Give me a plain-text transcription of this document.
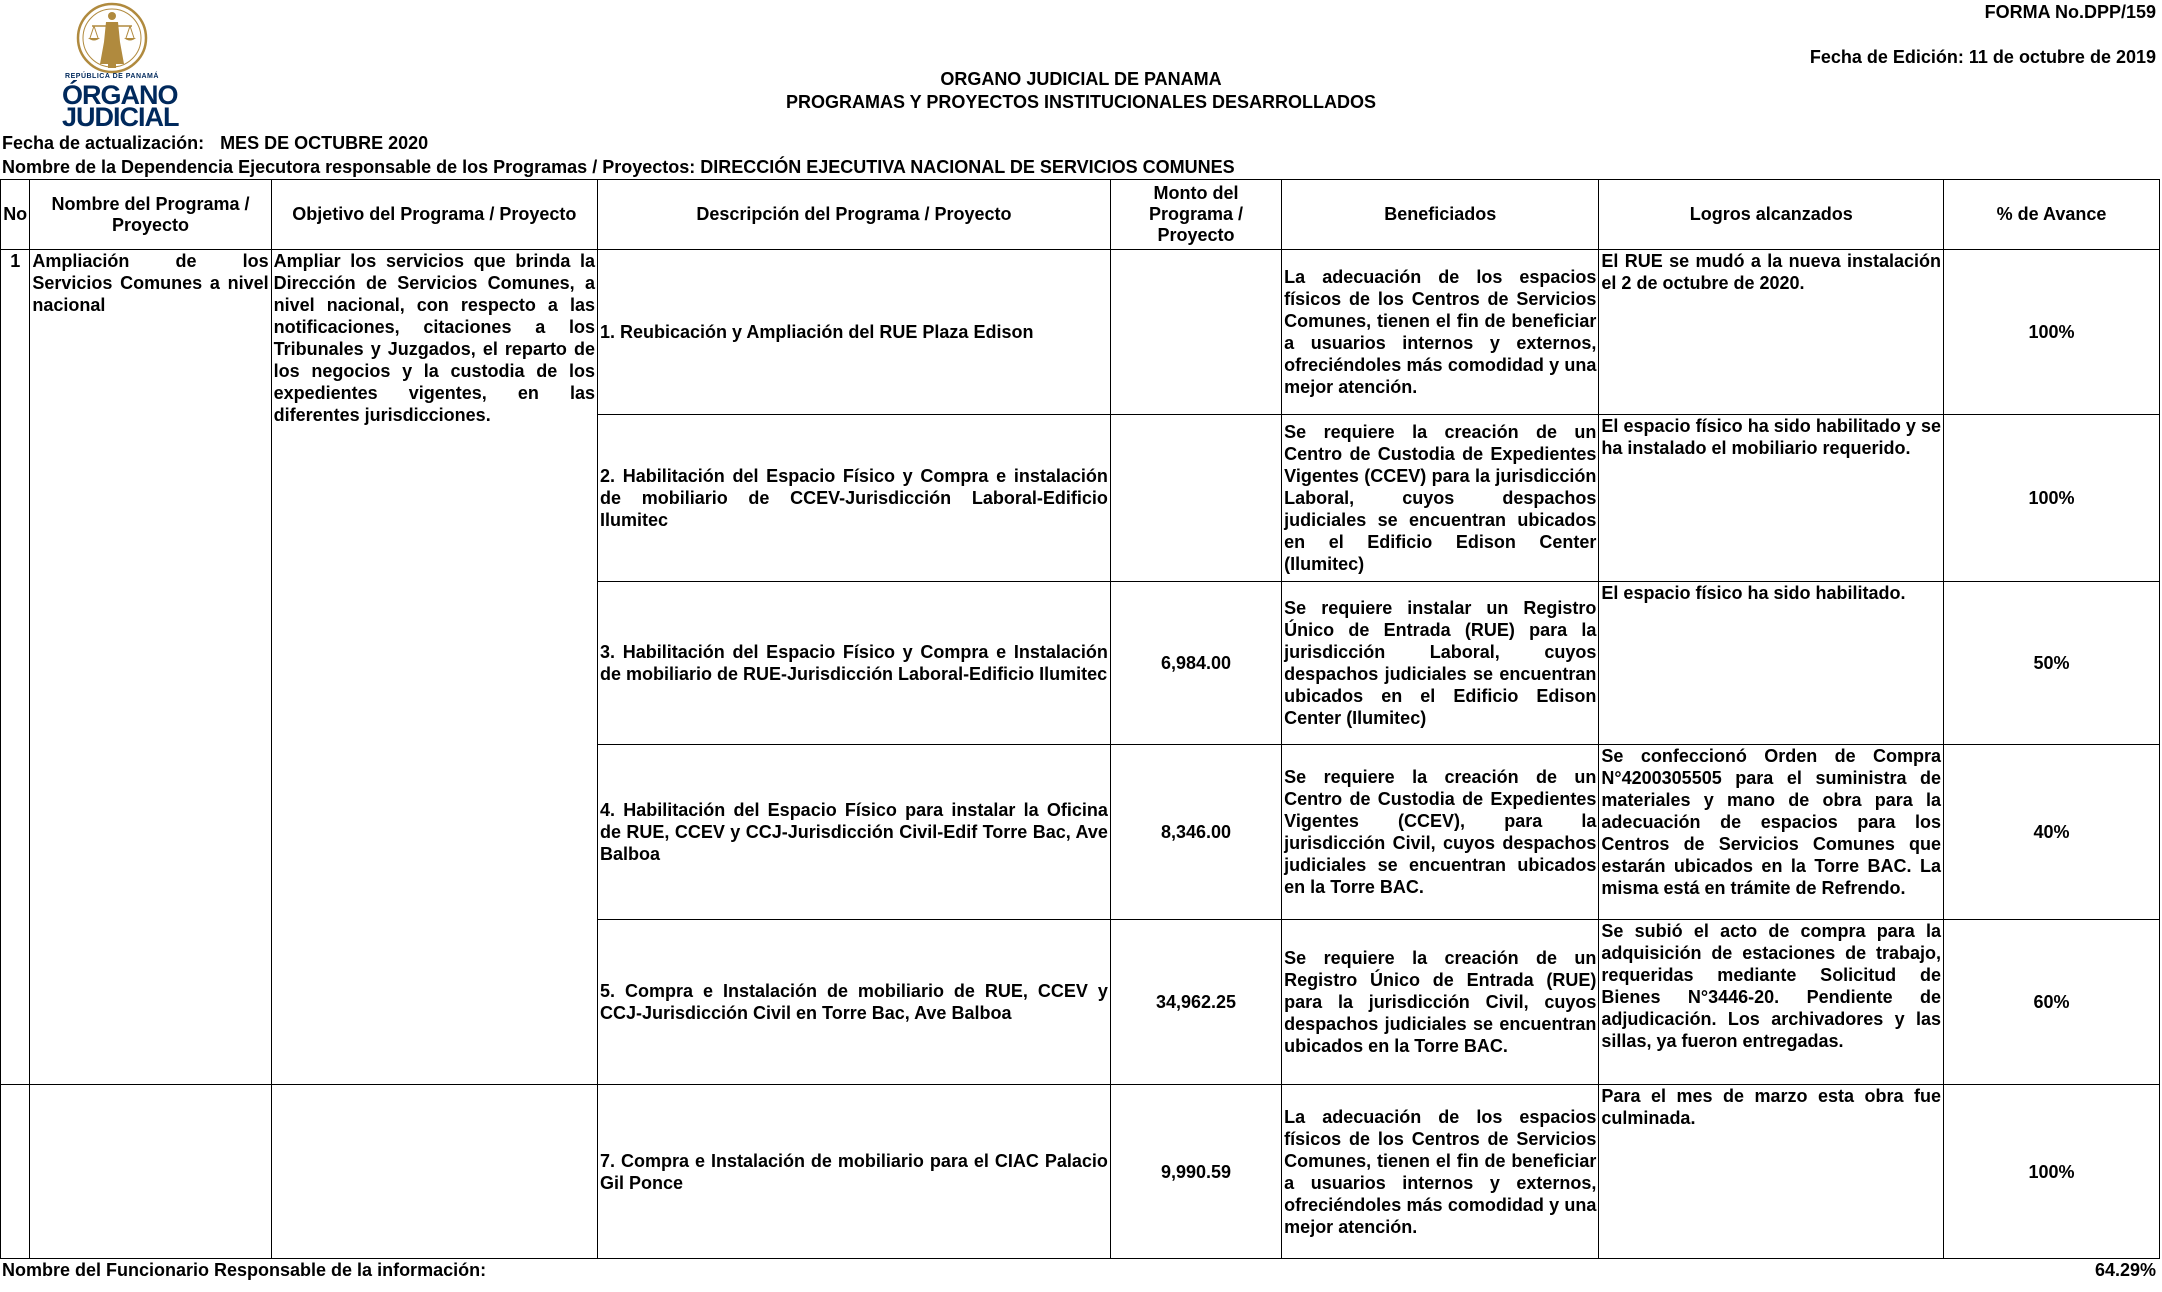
REPÚBLICA DE PANAMÁ
ÓRGANO
JUDICIAL
FORMA No.DPP/159
Fecha de Edición: 11 de octubre de 2019
ORGANO JUDICIAL DE PANAMA
PROGRAMAS Y PROYECTOS INSTITUCIONALES DESARROLLADOS
Fecha de actualización: MES DE OCTUBRE 2020
Nombre de la Dependencia Ejecutora responsable de los Programas / Proyectos: DIRECCIÓN EJECUTIVA NACIONAL DE SERVICIOS COMUNES
No	Nombre del Programa / Proyecto	Objetivo del Programa / Proyecto	Descripción del Programa / Proyecto	Monto del Programa / Proyecto	Beneficiados	Logros alcanzados	% de Avance
1	Ampliación de los Servicios Comunes a nivel nacional	Ampliar los servicios que brinda la Dirección de Servicios Comunes, a nivel nacional, con respecto a las notificaciones, citaciones a los Tribunales y Juzgados, el reparto de los negocios y la custodia de los expedientes vigentes, en las diferentes jurisdicciones.	1. Reubicación y Ampliación del RUE Plaza Edison		La adecuación de los espacios físicos de los Centros de Servicios Comunes, tienen el fin de beneficiar a usuarios internos y externos, ofreciéndoles más comodidad y una mejor atención.	El RUE se mudó a la nueva instalación el 2 de octubre de 2020.	100%
			2. Habilitación del Espacio Físico y Compra e instalación de mobiliario de CCEV-Jurisdicción Laboral-Edificio Ilumitec		Se requiere la creación de un Centro de Custodia de Expedientes Vigentes (CCEV) para la jurisdicción Laboral, cuyos despachos judiciales se encuentran ubicados en el Edificio Edison Center (Ilumitec)	El espacio físico ha sido habilitado y se ha instalado el mobiliario requerido.	100%
			3. Habilitación del Espacio Físico y Compra e Instalación de mobiliario de RUE-Jurisdicción Laboral-Edificio Ilumitec	6,984.00	Se requiere instalar un Registro Único de Entrada (RUE) para la jurisdicción Laboral, cuyos despachos judiciales se encuentran ubicados en el Edificio Edison Center (Ilumitec)	El espacio físico ha sido habilitado.	50%
			4. Habilitación del Espacio Físico para instalar la Oficina de RUE, CCEV y CCJ-Jurisdicción Civil-Edif Torre Bac, Ave Balboa	8,346.00	Se requiere la creación de un Centro de Custodia de Expedientes Vigentes (CCEV), para la jurisdicción Civil, cuyos despachos judiciales se encuentran ubicados en la Torre BAC.	Se confeccionó Orden de Compra N°4200305505 para el suministra de materiales y mano de obra para la adecuación de espacios para los Centros de Servicios Comunes que estarán ubicados en la Torre BAC. La misma está en trámite de Refrendo.	40%
			5. Compra e Instalación de mobiliario de RUE, CCEV y CCJ-Jurisdicción Civil en Torre Bac, Ave Balboa	34,962.25	Se requiere la creación de un Registro Único de Entrada (RUE) para la jurisdicción Civil, cuyos despachos judiciales se encuentran ubicados en la Torre BAC.	Se subió el acto de compra para la adquisición de estaciones de trabajo, requeridas mediante Solicitud de Bienes N°3446-20. Pendiente de adjudicación. Los archivadores y las sillas, ya fueron entregadas.	60%
			7. Compra e Instalación de mobiliario para el CIAC Palacio Gil Ponce	9,990.59	La adecuación de los espacios físicos de los Centros de Servicios Comunes, tienen el fin de beneficiar a usuarios internos y externos, ofreciéndoles más comodidad y una mejor atención.	Para el mes de marzo esta obra fue culminada.	100%
Nombre del Funcionario Responsable de la información:	64.29%
